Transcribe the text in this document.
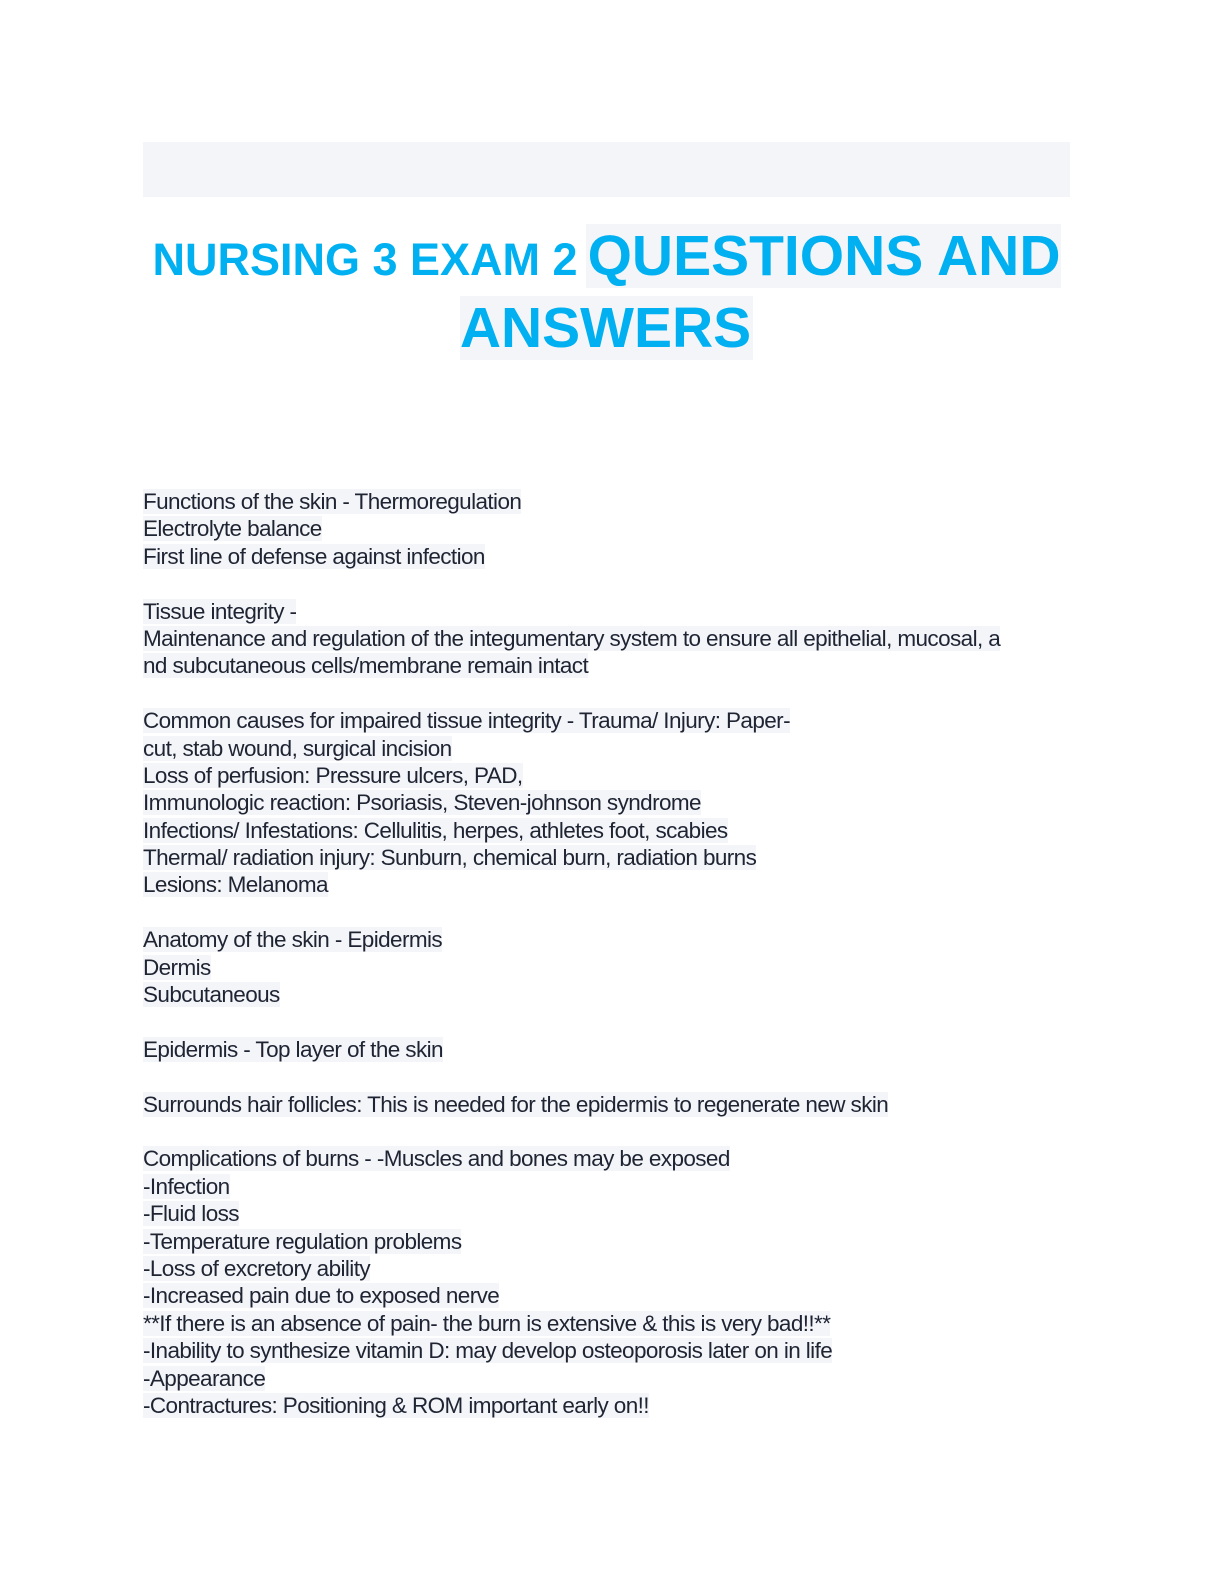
NURSING 3 EXAM 2 QUESTIONS AND ANSWERS
Functions of the skin - Thermoregulation
Electrolyte balance
First line of defense against infection
Tissue integrity -
Maintenance and regulation of the integumentary system to ensure all epithelial, mucosal, a
nd subcutaneous cells/membrane remain intact
Common causes for impaired tissue integrity - Trauma/ Injury: Paper-
cut, stab wound, surgical incision
Loss of perfusion: Pressure ulcers, PAD,
Immunologic reaction: Psoriasis, Steven-johnson syndrome
Infections/ Infestations: Cellulitis, herpes, athletes foot, scabies
Thermal/ radiation injury: Sunburn, chemical burn, radiation burns
Lesions: Melanoma
Anatomy of the skin - Epidermis
Dermis
Subcutaneous
Epidermis - Top layer of the skin
Surrounds hair follicles: This is needed for the epidermis to regenerate new skin
Complications of burns - -Muscles and bones may be exposed
-Infection
-Fluid loss
-Temperature regulation problems
-Loss of excretory ability
-Increased pain due to exposed nerve
**If there is an absence of pain- the burn is extensive & this is very bad!!**
-Inability to synthesize vitamin D: may develop osteoporosis later on in life
-Appearance
-Contractures: Positioning & ROM important early on!!
